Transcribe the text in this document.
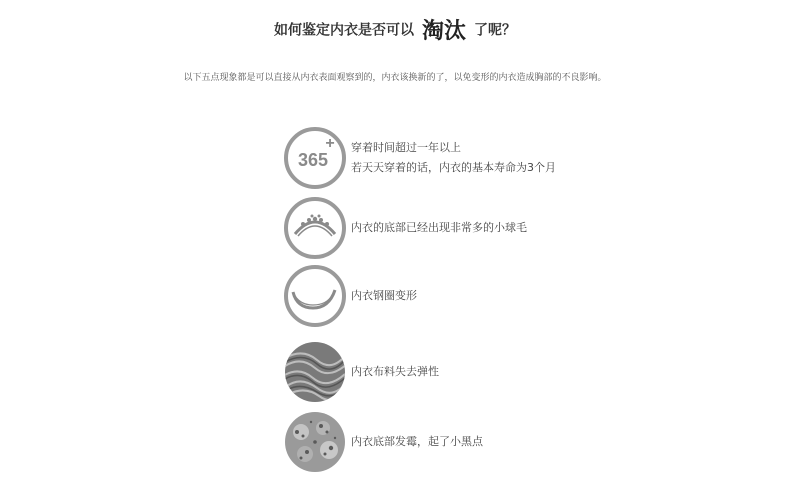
如何鉴定内衣是否可以 淘汰 了呢？
以下五点现象都是可以直接从内衣表面观察到的，内衣该换新的了，以免变形的内衣造成胸部的不良影响。
365
+ 穿着时间超过一年以上
若天天穿着的话，内衣的基本寿命为3个月
内衣的底部已经出现非常多的小球毛
内衣钢圈变形
内衣布料失去弹性
内衣底部发霉，起了小黑点
